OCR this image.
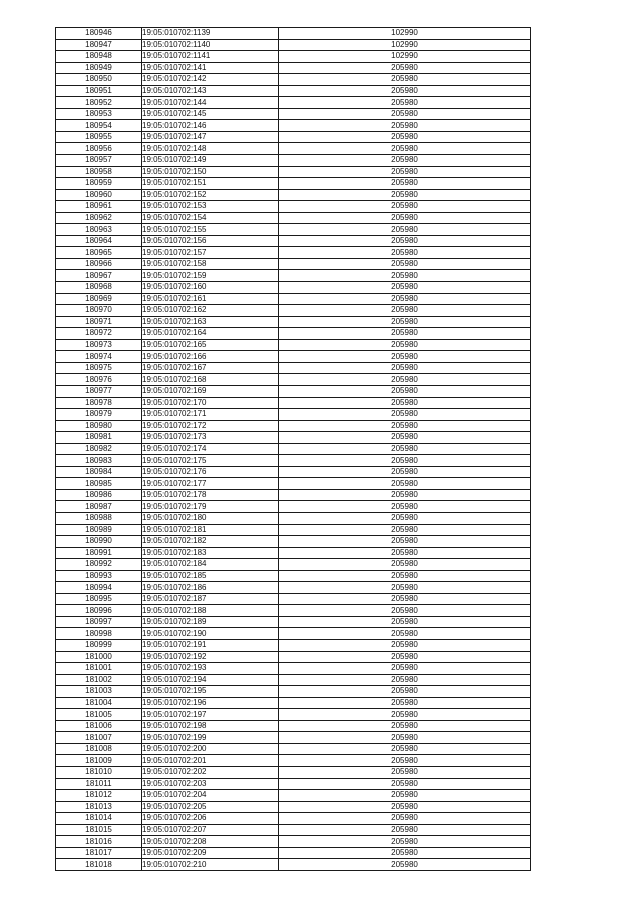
180946	19:05:010702:1139	102990
180947	19:05:010702:1140	102990
180948	19:05:010702:1141	102990
180949	19:05:010702:141	205980
180950	19:05:010702:142	205980
180951	19:05:010702:143	205980
180952	19:05:010702:144	205980
180953	19:05:010702:145	205980
180954	19:05:010702:146	205980
180955	19:05:010702:147	205980
180956	19:05:010702:148	205980
180957	19:05:010702:149	205980
180958	19:05:010702:150	205980
180959	19:05:010702:151	205980
180960	19:05:010702:152	205980
180961	19:05:010702:153	205980
180962	19:05:010702:154	205980
180963	19:05:010702:155	205980
180964	19:05:010702:156	205980
180965	19:05:010702:157	205980
180966	19:05:010702:158	205980
180967	19:05:010702:159	205980
180968	19:05:010702:160	205980
180969	19:05:010702:161	205980
180970	19:05:010702:162	205980
180971	19:05:010702:163	205980
180972	19:05:010702:164	205980
180973	19:05:010702:165	205980
180974	19:05:010702:166	205980
180975	19:05:010702:167	205980
180976	19:05:010702:168	205980
180977	19:05:010702:169	205980
180978	19:05:010702:170	205980
180979	19:05:010702:171	205980
180980	19:05:010702:172	205980
180981	19:05:010702:173	205980
180982	19:05:010702:174	205980
180983	19:05:010702:175	205980
180984	19:05:010702:176	205980
180985	19:05:010702:177	205980
180986	19:05:010702:178	205980
180987	19:05:010702:179	205980
180988	19:05:010702:180	205980
180989	19:05:010702:181	205980
180990	19:05:010702:182	205980
180991	19:05:010702:183	205980
180992	19:05:010702:184	205980
180993	19:05:010702:185	205980
180994	19:05:010702:186	205980
180995	19:05:010702:187	205980
180996	19:05:010702:188	205980
180997	19:05:010702:189	205980
180998	19:05:010702:190	205980
180999	19:05:010702:191	205980
181000	19:05:010702:192	205980
181001	19:05:010702:193	205980
181002	19:05:010702:194	205980
181003	19:05:010702:195	205980
181004	19:05:010702:196	205980
181005	19:05:010702:197	205980
181006	19:05:010702:198	205980
181007	19:05:010702:199	205980
181008	19:05:010702:200	205980
181009	19:05:010702:201	205980
181010	19:05:010702:202	205980
181011	19:05:010702:203	205980
181012	19:05:010702:204	205980
181013	19:05:010702:205	205980
181014	19:05:010702:206	205980
181015	19:05:010702:207	205980
181016	19:05:010702:208	205980
181017	19:05:010702:209	205980
181018	19:05:010702:210	205980
